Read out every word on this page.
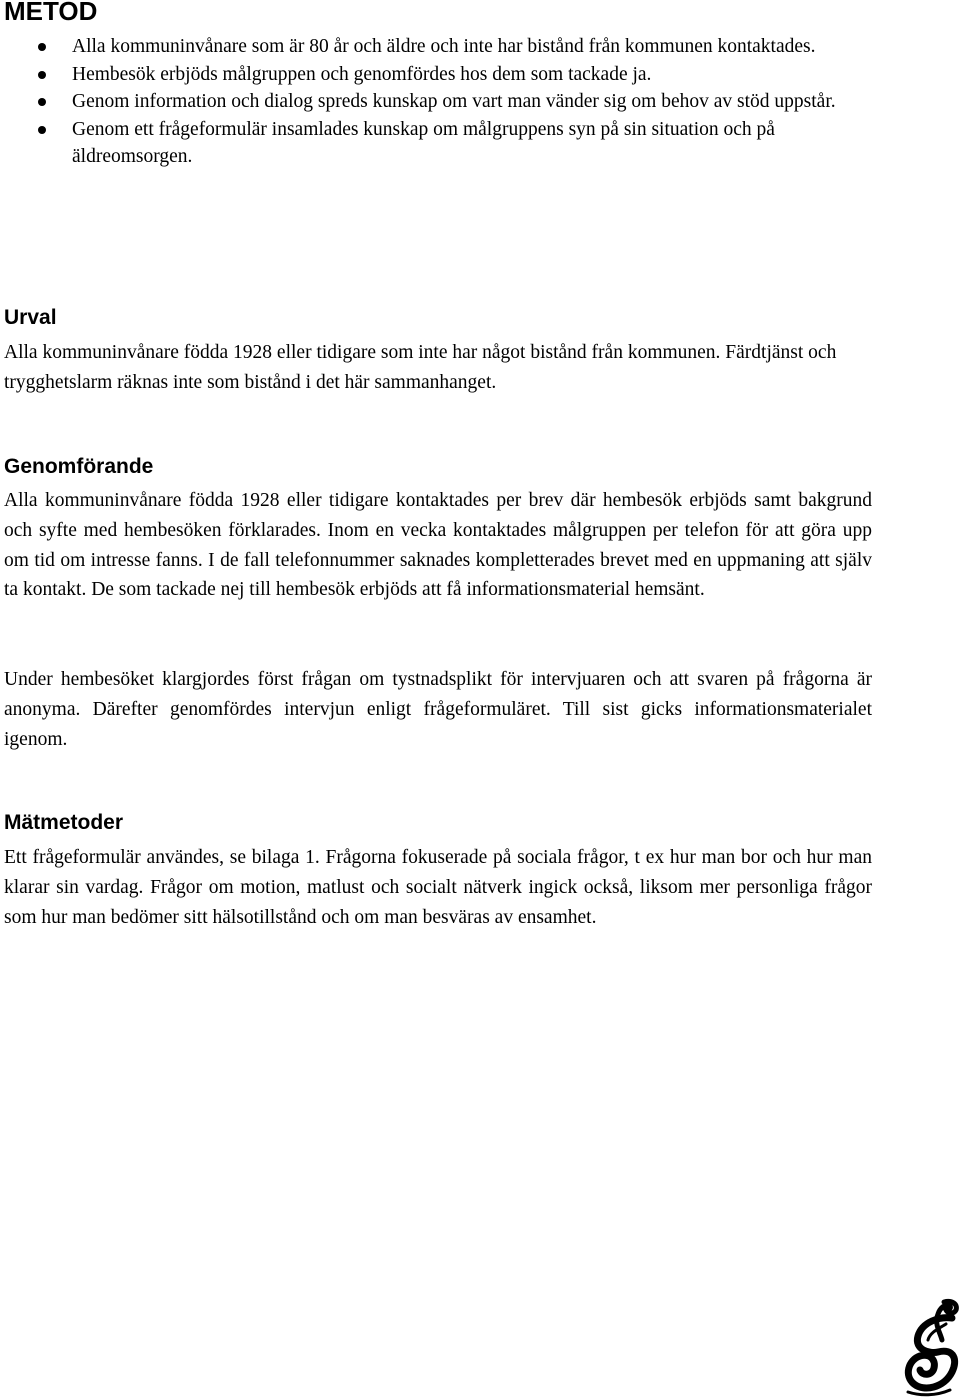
METOD
Alla kommuninvånare som är 80 år och äldre och inte har bistånd från kommunen kontaktades.
Hembesök erbjöds målgruppen och genomfördes hos dem som tackade ja.
Genom information och dialog spreds kunskap om vart man vänder sig om behov av stöd uppstår.
Genom ett frågeformulär insamlades kunskap om målgruppens syn på sin situation och på äldreomsorgen.
Urval

Alla kommuninvånare födda 1928 eller tidigare som inte har något bistånd från kommunen. Färdtjänst och trygghetslarm räknas inte som bistånd i det här sammanhanget.

Genomförande

Alla kommuninvånare födda 1928 eller tidigare kontaktades per brev där hembesök erbjöds samt bakgrund och syfte med hembesöken förklarades. Inom en vecka kontaktades målgruppen per telefon för att göra upp om tid om intresse fanns. I de fall telefonnummer saknades kompletterades brevet med en uppmaning att själv ta kontakt. De som tackade nej till hembesök erbjöds att få informationsmaterial hemsänt.

Under hembesöket klargjordes först frågan om tystnadsplikt för intervjuaren och att svaren på frågorna är anonyma. Därefter genomfördes intervjun enligt frågeformuläret. Till sist gicks informationsmaterialet igenom.

Mätmetoder

Ett frågeformulär användes, se bilaga 1. Frågorna fokuserade på sociala frågor, t ex hur man bor och hur man klarar sin vardag. Frågor om motion, matlust och socialt nätverk ingick också, liksom mer personliga frågor som hur man bedömer sitt hälsotillstånd och om man besväras av ensamhet.
